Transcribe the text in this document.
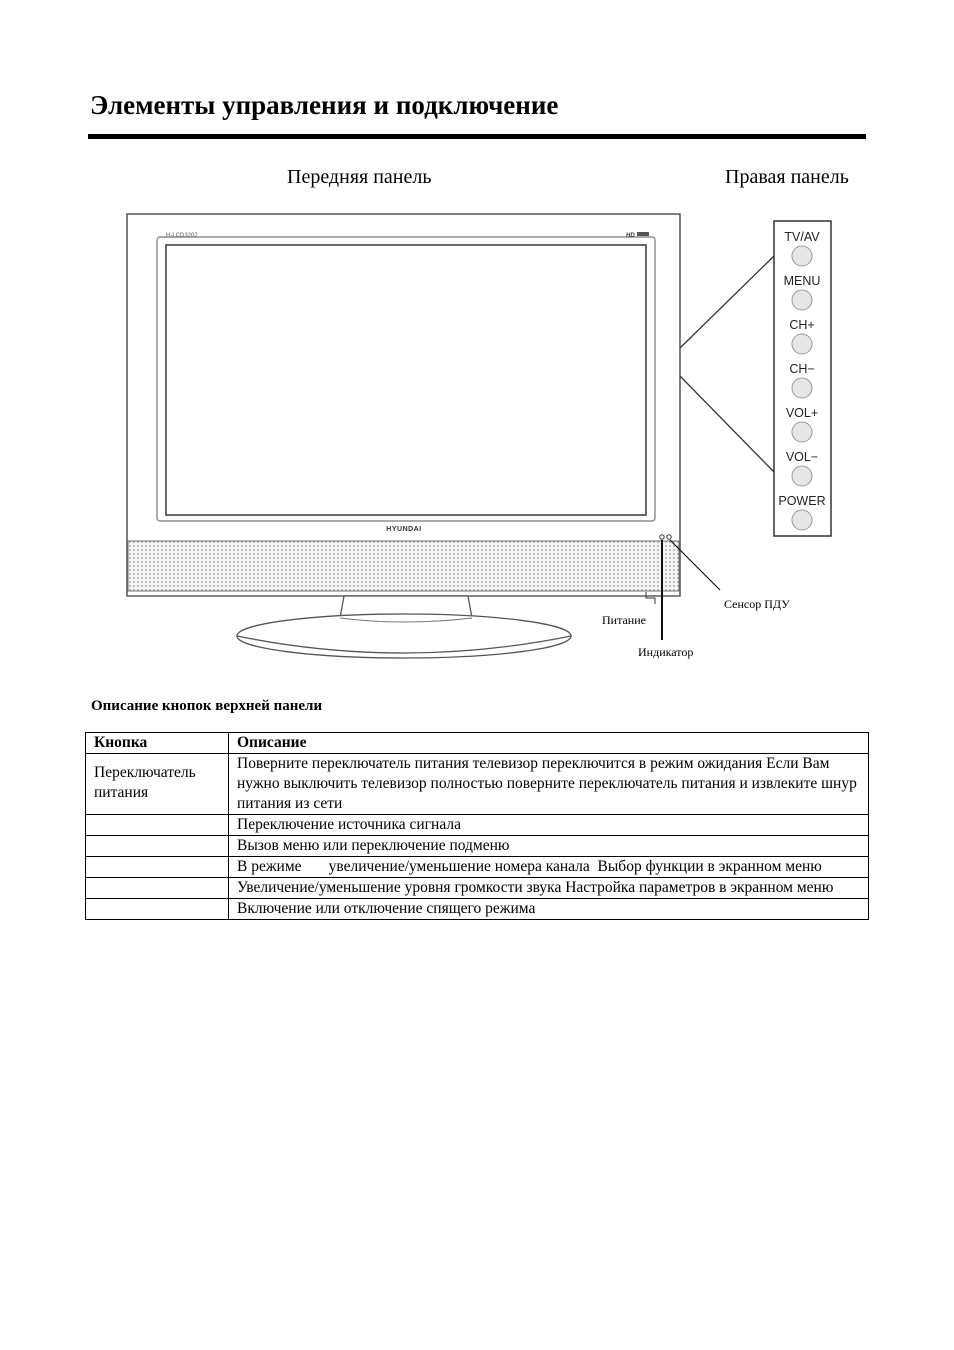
Элементы управления и подключение
Передняя панель	Правая панель
H-LCD3202	HD
HYUNDAI
TV/AV
MENU
CH+
CH−
VOL+
VOL−
POWER
Питание
Индикатор
Сенсор ПДУ
Описание кнопок верхней панели
Кнопка	Описание
Переключатель питания	Поверните переключатель питания телевизор переключится в режим ожидания Если Вам нужно выключить телевизор полностью поверните переключатель питания и извлеките шнур питания из сети
	Переключение источника сигнала
	Вызов меню или переключение подменю
	В режиме       увеличение/уменьшение номера канала  Выбор функции в экранном меню
	Увеличение/уменьшение уровня громкости звука Настройка параметров в экранном меню
	Включение или отключение спящего режима
